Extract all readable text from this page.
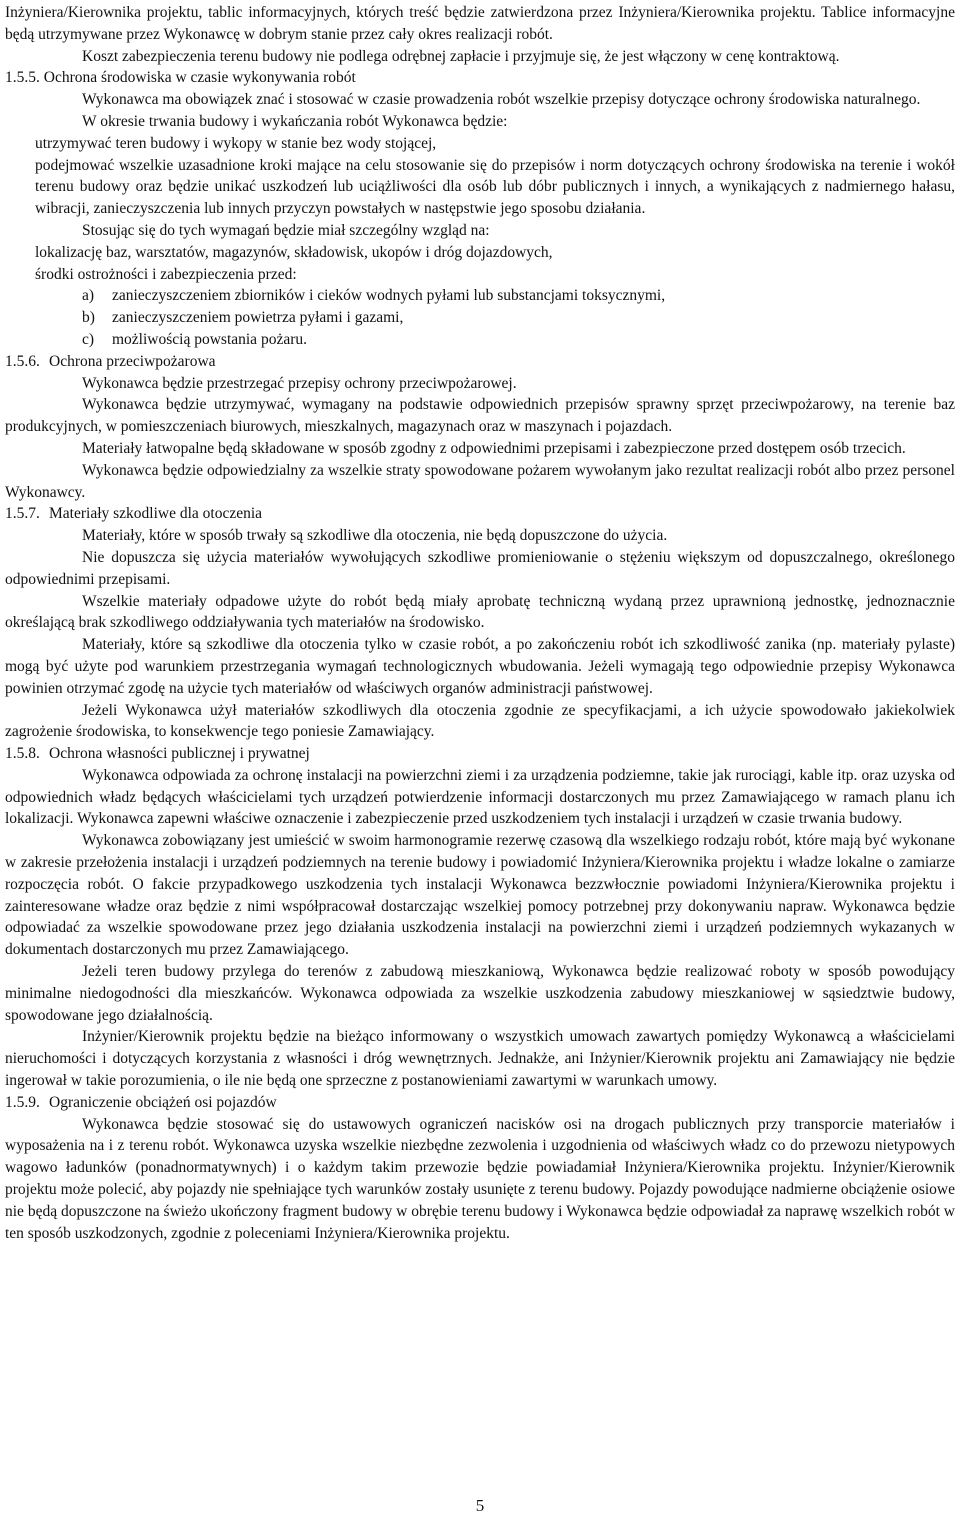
Inżyniera/Kierownika projektu, tablic informacyjnych, których treść będzie zatwierdzona przez Inżyniera/Kierownika projektu. Tablice informacyjne będą utrzymywane przez Wykonawcę w dobrym stanie przez cały okres realizacji robót.

Koszt zabezpieczenia terenu budowy nie podlega odrębnej zapłacie i przyjmuje się, że jest włączony w cenę kontraktową.

1.5.5. Ochrona środowiska w czasie wykonywania robót

Wykonawca ma obowiązek znać i stosować w czasie prowadzenia robót wszelkie przepisy dotyczące ochrony środowiska naturalnego.

W okresie trwania budowy i wykańczania robót Wykonawca będzie:

utrzymywać teren budowy i wykopy w stanie bez wody stojącej,

podejmować wszelkie uzasadnione kroki mające na celu stosowanie się do przepisów i norm dotyczących ochrony środowiska na terenie i wokół terenu budowy oraz będzie unikać uszkodzeń lub uciążliwości dla osób lub dóbr publicznych i innych, a wynikających z nadmiernego hałasu, wibracji, zanieczyszczenia lub innych przyczyn powstałych w następstwie jego sposobu działania.

Stosując się do tych wymagań będzie miał szczególny wzgląd na:

lokalizację baz, warsztatów, magazynów, składowisk, ukopów i dróg dojazdowych,

środki ostrożności i zabezpieczenia przed:

a) zanieczyszczeniem zbiorników i cieków wodnych pyłami lub substancjami toksycznymi,

b) zanieczyszczeniem powietrza pyłami i gazami,

c) możliwością powstania pożaru.

1.5.6. Ochrona przeciwpożarowa

Wykonawca będzie przestrzegać przepisy ochrony przeciwpożarowej.

Wykonawca będzie utrzymywać, wymagany na podstawie odpowiednich przepisów sprawny sprzęt przeciwpożarowy, na terenie baz produkcyjnych, w pomieszczeniach biurowych, mieszkalnych, magazynach oraz w maszynach i pojazdach.

Materiały łatwopalne będą składowane w sposób zgodny z odpowiednimi przepisami i zabezpieczone przed dostępem osób trzecich.

Wykonawca będzie odpowiedzialny za wszelkie straty spowodowane pożarem wywołanym jako rezultat realizacji robót albo przez personel Wykonawcy.

1.5.7. Materiały szkodliwe dla otoczenia

Materiały, które w sposób trwały są szkodliwe dla otoczenia, nie będą dopuszczone do użycia.

Nie dopuszcza się użycia materiałów wywołujących szkodliwe promieniowanie o stężeniu większym od dopuszczalnego, określonego odpowiednimi przepisami.

Wszelkie materiały odpadowe użyte do robót będą miały aprobatę techniczną wydaną przez uprawnioną jednostkę, jednoznacznie określającą brak szkodliwego oddziaływania tych materiałów na środowisko.

Materiały, które są szkodliwe dla otoczenia tylko w czasie robót, a po zakończeniu robót ich szkodliwość zanika (np. materiały pylaste) mogą być użyte pod warunkiem przestrzegania wymagań technologicznych wbudowania. Jeżeli wymagają tego odpowiednie przepisy Wykonawca powinien otrzymać zgodę na użycie tych materiałów od właściwych organów administracji państwowej.

Jeżeli Wykonawca użył materiałów szkodliwych dla otoczenia zgodnie ze specyfikacjami, a ich użycie spowodowało jakiekolwiek zagrożenie środowiska, to konsekwencje tego poniesie Zamawiający.

1.5.8. Ochrona własności publicznej i prywatnej

Wykonawca odpowiada za ochronę instalacji na powierzchni ziemi i za urządzenia podziemne, takie jak rurociągi, kable itp. oraz uzyska od odpowiednich władz będących właścicielami tych urządzeń potwierdzenie informacji dostarczonych mu przez Zamawiającego w ramach planu ich lokalizacji. Wykonawca zapewni właściwe oznaczenie i zabezpieczenie przed uszkodzeniem tych instalacji i urządzeń w czasie trwania budowy.

Wykonawca zobowiązany jest umieścić w swoim harmonogramie rezerwę czasową dla wszelkiego rodzaju robót, które mają być wykonane w zakresie przełożenia instalacji i urządzeń podziemnych na terenie budowy i powiadomić Inżyniera/Kierownika projektu i władze lokalne o zamiarze rozpoczęcia robót. O fakcie przypadkowego uszkodzenia tych instalacji Wykonawca bezzwłocznie powiadomi Inżyniera/Kierownika projektu i zainteresowane władze oraz będzie z nimi współpracował dostarczając wszelkiej pomocy potrzebnej przy dokonywaniu napraw. Wykonawca będzie odpowiadać za wszelkie spowodowane przez jego działania uszkodzenia instalacji na powierzchni ziemi i urządzeń podziemnych wykazanych w dokumentach dostarczonych mu przez Zamawiającego.

Jeżeli teren budowy przylega do terenów z zabudową mieszkaniową, Wykonawca będzie realizować roboty w sposób powodujący minimalne niedogodności dla mieszkańców. Wykonawca odpowiada za wszelkie uszkodzenia zabudowy mieszkaniowej w sąsiedztwie budowy, spowodowane jego działalnością.

Inżynier/Kierownik projektu będzie na bieżąco informowany o wszystkich umowach zawartych pomiędzy Wykonawcą a właścicielami nieruchomości i dotyczących korzystania z własności i dróg wewnętrznych. Jednakże, ani Inżynier/Kierownik projektu ani Zamawiający nie będzie ingerował w takie porozumienia, o ile nie będą one sprzeczne z postanowieniami zawartymi w warunkach umowy.

1.5.9. Ograniczenie obciążeń osi pojazdów

Wykonawca będzie stosować się do ustawowych ograniczeń nacisków osi na drogach publicznych przy transporcie materiałów i wyposażenia na i z terenu robót. Wykonawca uzyska wszelkie niezbędne zezwolenia i uzgodnienia od właściwych władz co do przewozu nietypowych wagowo ładunków (ponadnormatywnych) i o każdym takim przewozie będzie powiadamiał Inżyniera/Kierownika projektu. Inżynier/Kierownik projektu może polecić, aby pojazdy nie spełniające tych warunków zostały usunięte z terenu budowy. Pojazdy powodujące nadmierne obciążenie osiowe nie będą dopuszczone na świeżo ukończony fragment budowy w obrębie terenu budowy i Wykonawca będzie odpowiadał za naprawę wszelkich robót w ten sposób uszkodzonych, zgodnie z poleceniami Inżyniera/Kierownika projektu.

5
